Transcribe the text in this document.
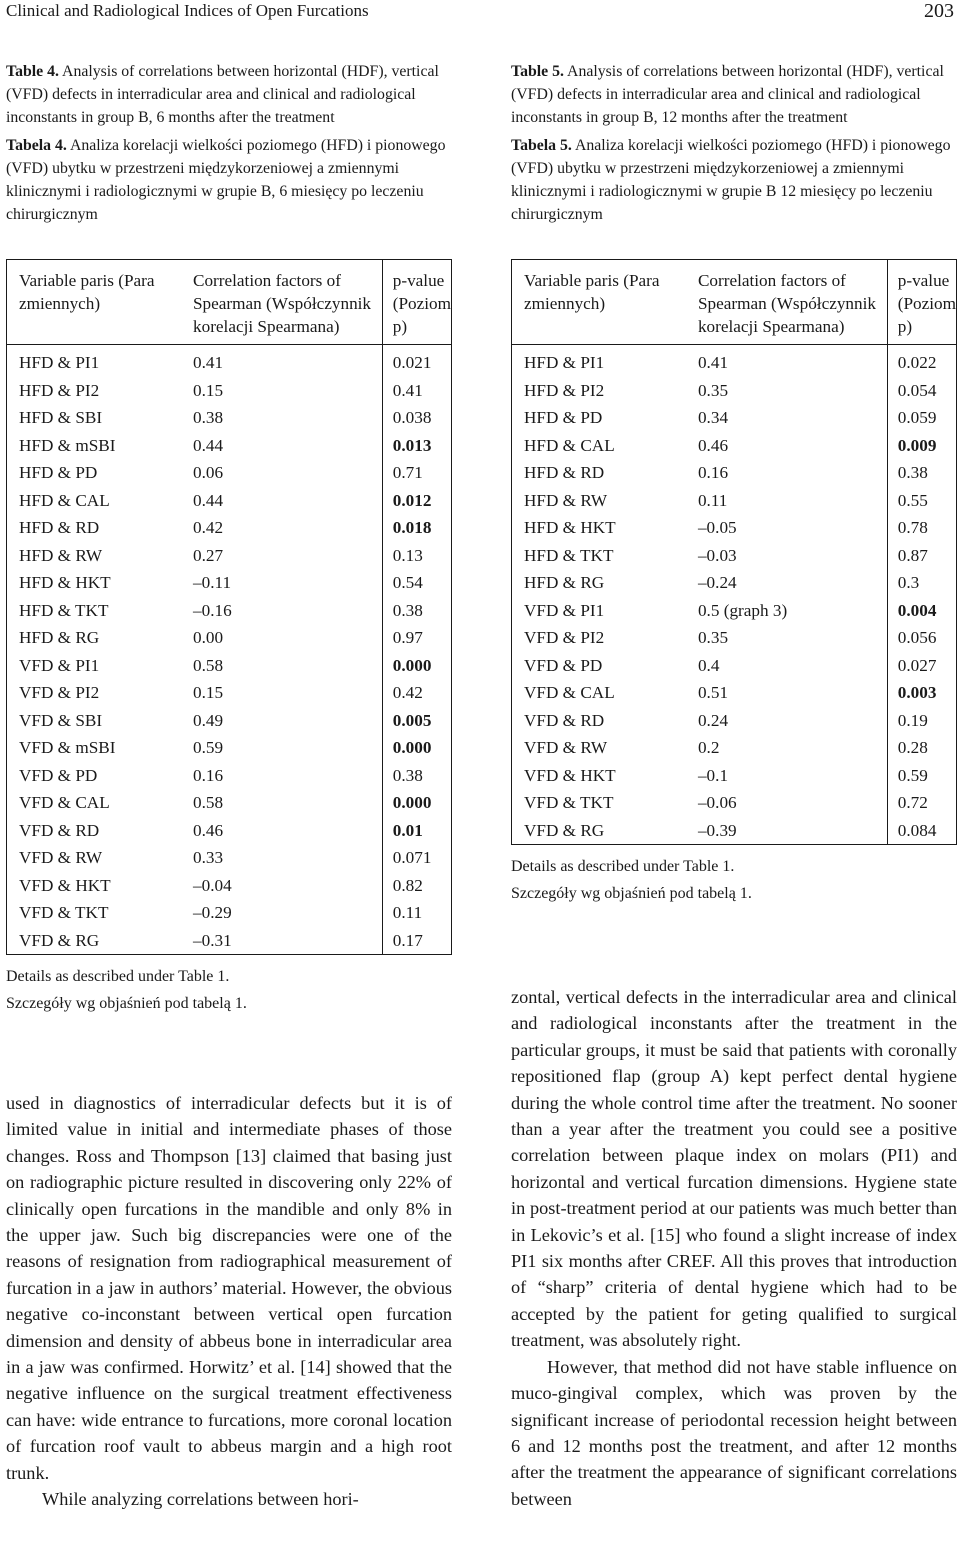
Clinical and Radiological Indices of Open Furcations	203

Table 4. Analysis of correlations between horizontal (HDF), vertical (VFD) defects in interradicular area and clinical and radiological inconstants in group B, 6 months after the treatment

Tabela 4. Analiza korelacji wielkości poziomego (HFD) i pionowego (VFD) ubytku w przestrzeni międzykorzeniowej a zmiennymi klinicznymi i radiologicznymi w grupie B, 6 miesięcy po leczeniu chirurgicznym

Variable paris (Para zmiennych)	Correlation factors of Spearman (Współczynnik korelacji Spearmana)	p-value (Poziom p)
HFD & PI1	0.41	0.021
HFD & PI2	0.15	0.41
HFD & SBI	0.38	0.038
HFD & mSBI	0.44	0.013
HFD & PD	0.06	0.71
HFD & CAL	0.44	0.012
HFD & RD	0.42	0.018
HFD & RW	0.27	0.13
HFD & HKT	–0.11	0.54
HFD & TKT	–0.16	0.38
HFD & RG	0.00	0.97
VFD & PI1	0.58	0.000
VFD & PI2	0.15	0.42
VFD & SBI	0.49	0.005
VFD & mSBI	0.59	0.000
VFD & PD	0.16	0.38
VFD & CAL	0.58	0.000
VFD & RD	0.46	0.01
VFD & RW	0.33	0.071
VFD & HKT	–0.04	0.82
VFD & TKT	–0.29	0.11
VFD & RG	–0.31	0.17
Details as described under Table 1.
Szczegóły wg objaśnień pod tabelą 1.

Table 5. Analysis of correlations between horizontal (HDF), vertical (VFD) defects in interradicular area and clinical and radiological inconstants in group B, 12 months after the treatment

Tabela 5. Analiza korelacji wielkości poziomego (HFD) i pionowego (VFD) ubytku w przestrzeni międzykorzeniowej a zmiennymi klinicznymi i radiologicznymi w grupie B 12 miesięcy po leczeniu chirurgicznym

Variable paris (Para zmiennych)	Correlation factors of Spearman (Współczynnik korelacji Spearmana)	p-value (Poziom p)
HFD & PI1	0.41	0.022
HFD & PI2	0.35	0.054
HFD & PD	0.34	0.059
HFD & CAL	0.46	0.009
HFD & RD	0.16	0.38
HFD & RW	0.11	0.55
HFD & HKT	–0.05	0.78
HFD & TKT	–0.03	0.87
HFD & RG	–0.24	0.3
VFD & PI1	0.5 (graph 3)	0.004
VFD & PI2	0.35	0.056
VFD & PD	0.4	0.027
VFD & CAL	0.51	0.003
VFD & RD	0.24	0.19
VFD & RW	0.2	0.28
VFD & HKT	–0.1	0.59
VFD & TKT	–0.06	0.72
VFD & RG	–0.39	0.084
Details as described under Table 1.
Szczegóły wg objaśnień pod tabelą 1.

used in diagnostics of interradicular defects but it is of limited value in initial and intermediate phases of those changes. Ross and Thompson [13] claimed that basing just on radiographic picture resulted in discovering only 22% of clinically open furcations in the mandible and only 8% in the upper jaw. Such big discrepancies were one of the reasons of resignation from radiographical measurement of furcation in a jaw in authors’ material. However, the obvious negative co-inconstant between vertical open furcation dimension and density of abbeus bone in interradicular area in a jaw was confirmed. Horwitz’ et al. [14] showed that the negative influence on the surgical treatment effectiveness can have: wide entrance to furcations, more coronal location of furcation roof vault to abbeus margin and a high root trunk.

While analyzing correlations between hori-

zontal, vertical defects in the interradicular area and clinical and radiological inconstants after the treatment in the particular groups, it must be said that patients with coronally repositioned flap (group A) kept perfect dental hygiene during the whole control time after the treatment. No sooner than a year after the treatment you could see a positive correlation between plaque index on molars (PI1) and horizontal and vertical furcation dimensions. Hygiene state in post-treatment period at our patients was much better than in Lekovic’s et al. [15] who found a slight increase of index PI1 six months after CREF. All this proves that introduction of “sharp” criteria of dental hygiene which had to be accepted by the patient for geting qualified to surgical treatment, was absolutely right.

However, that method did not have stable influence on muco-gingival complex, which was proven by the significant increase of periodontal recession height between 6 and 12 months post the treatment, and after 12 months after the treatment the appearance of significant correlations between
